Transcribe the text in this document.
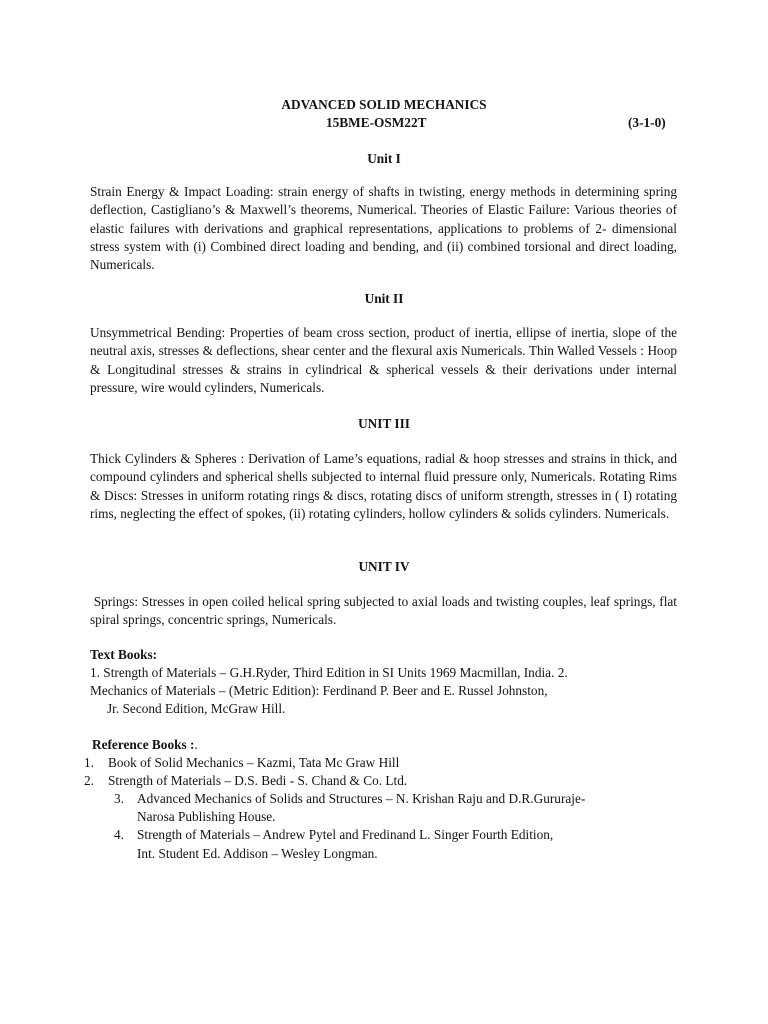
ADVANCED SOLID MECHANICS
15BME-OSM22T	(3-1-0)
Unit I
Strain Energy & Impact Loading: strain energy of shafts in twisting, energy methods in determining spring deflection, Castigliano’s & Maxwell’s theorems, Numerical. Theories of Elastic Failure: Various theories of elastic failures with derivations and graphical representations, applications to problems of 2- dimensional stress system with (i) Combined direct loading and bending, and (ii) combined torsional and direct loading, Numericals.
Unit II
Unsymmetrical Bending: Properties of beam cross section, product of inertia, ellipse of inertia, slope of the neutral axis, stresses & deflections, shear center and the flexural axis Numericals. Thin Walled Vessels : Hoop & Longitudinal stresses & strains in cylindrical & spherical vessels & their derivations under internal pressure, wire would cylinders, Numericals.
UNIT III
Thick Cylinders & Spheres : Derivation of Lame’s equations, radial & hoop stresses and strains in thick, and compound cylinders and spherical shells subjected to internal fluid pressure only, Numericals. Rotating Rims & Discs: Stresses in uniform rotating rings & discs, rotating discs of uniform strength, stresses in ( I) rotating rims, neglecting the effect of spokes, (ii) rotating cylinders, hollow cylinders & solids cylinders. Numericals.
UNIT IV
Springs: Stresses in open coiled helical spring subjected to axial loads and twisting couples, leaf springs, flat spiral springs, concentric springs, Numericals.
Text Books:
1. Strength of Materials – G.H.Ryder, Third Edition in SI Units 1969 Macmillan, India. 2.
Mechanics of Materials – (Metric Edition): Ferdinand P. Beer and E. Russel Johnston,
Jr. Second Edition, McGraw Hill.
Reference Books :.
1. Book of Solid Mechanics – Kazmi, Tata Mc Graw Hill
2. Strength of Materials – D.S. Bedi - S. Chand & Co. Ltd.
3. Advanced Mechanics of Solids and Structures – N. Krishan Raju and D.R.Gururaje-
Narosa Publishing House.
4. Strength of Materials – Andrew Pytel and Fredinand L. Singer Fourth Edition,
Int. Student Ed. Addison – Wesley Longman.
